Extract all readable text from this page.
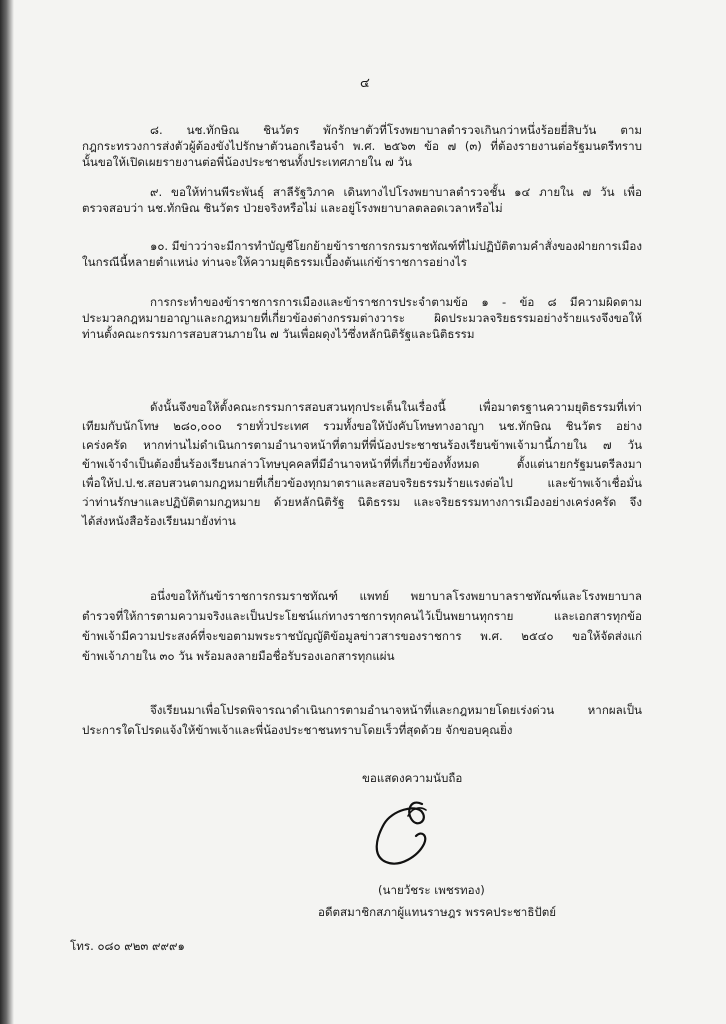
๔
๘. นช.ทักษิณ ชินวัตร พักรักษาตัวที่โรงพยาบาลตำรวจเกินกว่าหนึ่งร้อยยี่สิบวัน ตาม
กฎกระทรวงการส่งตัวผู้ต้องขังไปรักษาตัวนอกเรือนจำ พ.ศ. ๒๕๖๓ ข้อ ๗ (๓) ที่ต้องรายงานต่อรัฐมนตรีทราบ
นั้นขอให้เปิดเผยรายงานต่อพี่น้องประชาชนทั้งประเทศภายใน ๗ วัน
๙. ขอให้ท่านพีระพันธุ์ สาลีรัฐวิภาค เดินทางไปโรงพยาบาลตำรวจชั้น ๑๔ ภายใน ๗ วัน เพื่อ
ตรวจสอบว่า นช.ทักษิณ ชินวัตร ป่วยจริงหรือไม่ และอยู่โรงพยาบาลตลอดเวลาหรือไม่
๑๐. มีข่าวว่าจะมีการทำบัญชีโยกย้ายข้าราชการกรมราชทัณฑ์ที่ไม่ปฏิบัติตามคำสั่งของฝ่ายการเมือง
ในกรณีนี้หลายตำแหน่ง ท่านจะให้ความยุติธรรมเบื้องต้นแก่ข้าราชการอย่างไร
การกระทำของข้าราชการการเมืองและข้าราชการประจำตามข้อ ๑ - ข้อ ๘ มีความผิดตาม
ประมวลกฎหมายอาญาและกฎหมายที่เกี่ยวข้องต่างกรรมต่างวาระ ผิดประมวลจริยธรรมอย่างร้ายแรงจึงขอให้
ท่านตั้งคณะกรรมการสอบสวนภายใน ๗ วันเพื่อผดุงไว้ซึ่งหลักนิติรัฐและนิติธรรม
ดังนั้นจึงขอให้ตั้งคณะกรรมการสอบสวนทุกประเด็นในเรื่องนี้ เพื่อมาตรฐานความยุติธรรมที่เท่า
เทียมกับนักโทษ ๒๘๐,๐๐๐ รายทั่วประเทศ รวมทั้งขอให้บังคับโทษทางอาญา นช.ทักษิณ ชินวัตร อย่าง
เคร่งครัด หากท่านไม่ดำเนินการตามอำนาจหน้าที่ตามที่พี่น้องประชาชนร้องเรียนข้าพเจ้ามานี้ภายใน ๗ วัน
ข้าพเจ้าจำเป็นต้องยื่นร้องเรียนกล่าวโทษบุคคลที่มีอำนาจหน้าที่ที่เกี่ยวข้องทั้งหมด ตั้งแต่นายกรัฐมนตรีลงมา
เพื่อให้ป.ป.ช.สอบสวนตามกฎหมายที่เกี่ยวข้องทุกมาตราและสอบจริยธรรมร้ายแรงต่อไป และข้าพเจ้าเชื่อมั่น
ว่าท่านรักษาและปฏิบัติตามกฎหมาย ด้วยหลักนิติรัฐ นิติธรรม และจริยธรรมทางการเมืองอย่างเคร่งครัด จึง
ได้ส่งหนังสือร้องเรียนมายังท่าน
อนึ่งขอให้กันข้าราชการกรมราชทัณฑ์ แพทย์ พยาบาลโรงพยาบาลราชทัณฑ์และโรงพยาบาล
ตำรวจที่ให้การตามความจริงและเป็นประโยชน์แก่ทางราชการทุกคนไว้เป็นพยานทุกราย และเอกสารทุกข้อ
ข้าพเจ้ามีความประสงค์ที่จะขอตามพระราชบัญญัติข้อมูลข่าวสารของราชการ พ.ศ. ๒๕๔๐ ขอให้จัดส่งแก่
ข้าพเจ้าภายใน ๓๐ วัน พร้อมลงลายมือชื่อรับรองเอกสารทุกแผ่น
จึงเรียนมาเพื่อโปรดพิจารณาดำเนินการตามอำนาจหน้าที่และกฎหมายโดยเร่งด่วน หากผลเป็น
ประการใดโปรดแจ้งให้ข้าพเจ้าและพี่น้องประชาชนทราบโดยเร็วที่สุดด้วย จักขอบคุณยิ่ง
ขอแสดงความนับถือ
(นายวัชระ เพชรทอง)
อดีตสมาชิกสภาผู้แทนราษฎร พรรคประชาธิปัตย์
โทร. ๐๘๐ ๙๒๓ ๙๙๙๑
